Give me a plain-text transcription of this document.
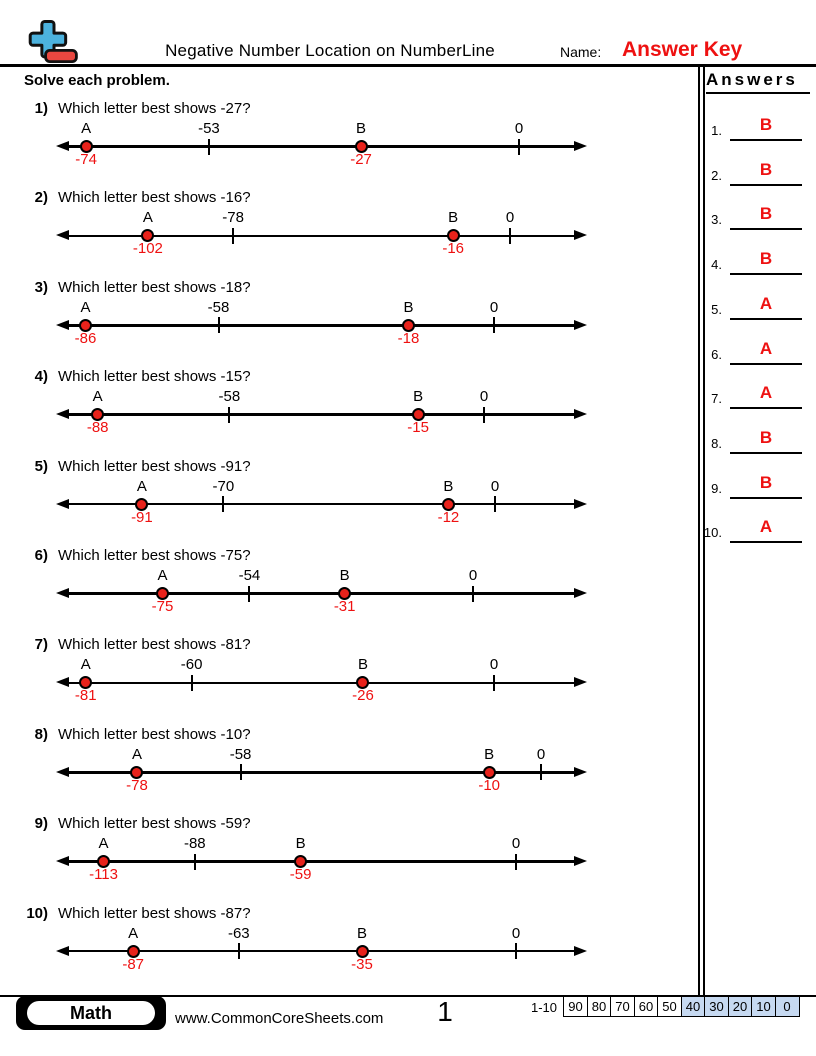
Negative Number Location on NumberLine	Name: Answer Key
Solve each problem.	Answers
1.	B
2.	B
3.	B
4.	B
5.	A
6.	A
7.	A
8.	B
9.	B
10.	A
1) Which letter best shows -27?
A	-53	B	0
-74	-27
2) Which letter best shows -16?
A	-78	B	0
-102	-16
3) Which letter best shows -18?
A	-58	B	0
-86	-18
4) Which letter best shows -15?
A	-58	B	0
-88	-15
5) Which letter best shows -91?
A	-70	B 0
-91	-12
6) Which letter best shows -75?
A	-54	B	0
-75	-31
7) Which letter best shows -81?
A	-60	B	0
-81	-26
8) Which letter best shows -10?
A	-58	B	0
-78	-10
9) Which letter best shows -59?
A	-88	B	0
-113	-59
10) Which letter best shows -87?
A	-63	B	0
-87	-35
Math	www.CommonCoreSheets.com	1	1-10 90 80 70 60 50 40 30 20 10 0
